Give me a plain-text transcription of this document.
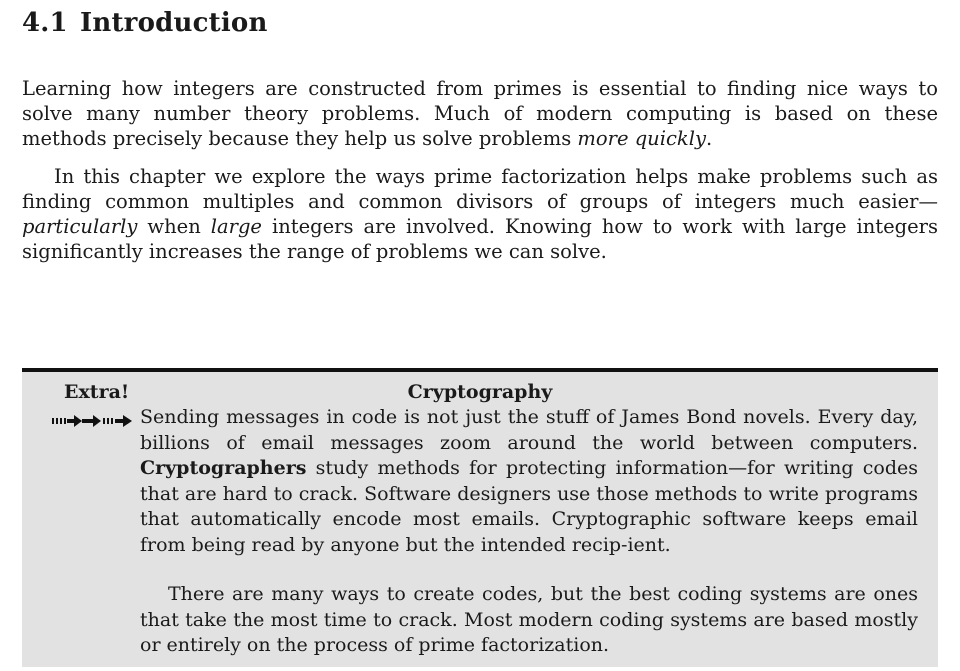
4.1 Introduction

Learning how integers are constructed from primes is essential to finding nice ways to solve many number theory problems. Much of modern computing is based on these methods precisely because they help us solve problems more quickly.

In this chapter we explore the ways prime factorization helps make problems such as finding common multiples and common divisors of groups of integers much easier—particularly when large integers are involved. Knowing how to work with large integers significantly increases the range of problems we can solve.

Extra!	Cryptography

Sending messages in code is not just the stuff of James Bond novels. Every day, billions of email messages zoom around the world between computers. Cryptographers study methods for protecting information—for writing codes that are hard to crack. Software designers use those methods to write programs that automatically encode most emails. Cryptographic software keeps email from being read by anyone but the intended recip-ient.

There are many ways to create codes, but the best coding systems are ones that take the most time to crack. Most modern coding systems are based mostly or entirely on the process of prime factorization.
